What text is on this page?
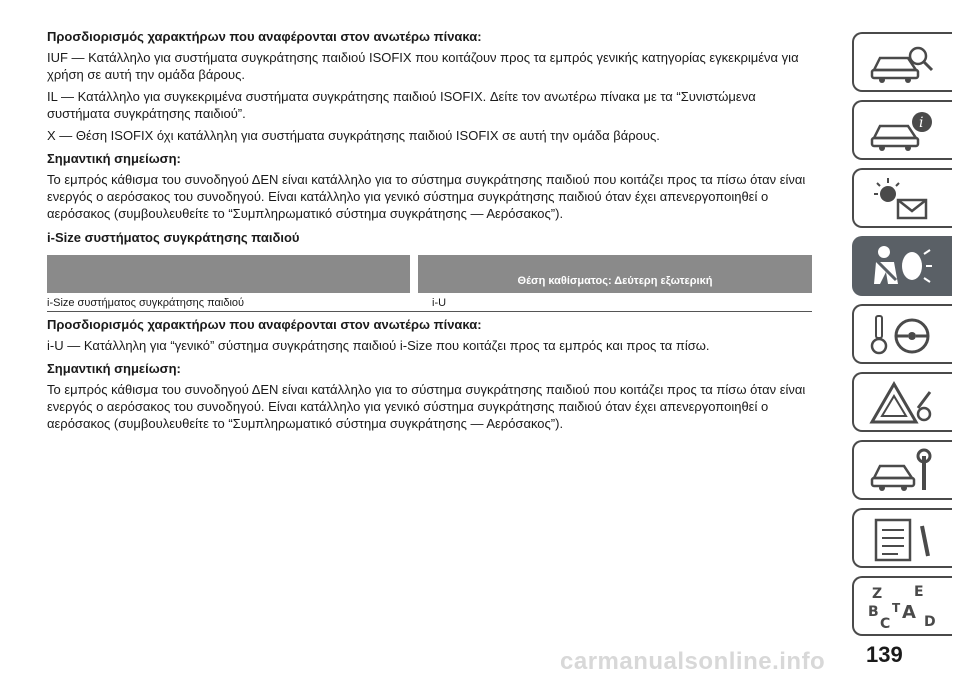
Προσδιορισμός χαρακτήρων που αναφέρονται στον ανωτέρω πίνακα:

IUF — Κατάλληλο για συστήματα συγκράτησης παιδιού ISOFIX που κοιτάζουν προς τα εμπρός γενικής κατηγορίας εγκεκριμένα για χρήση σε αυτή την ομάδα βάρους.

IL — Κατάλληλο για συγκεκριμένα συστήματα συγκράτησης παιδιού ISOFIX. Δείτε τον ανωτέρω πίνακα με τα “Συνιστώμενα συστήματα συγκράτησης παιδιού”.

X — Θέση ISOFIX όχι κατάλληλη για συστήματα συγκράτησης παιδιού ISOFIX σε αυτή την ομάδα βάρους.

Σημαντική σημείωση:

Το εμπρός κάθισμα του συνοδηγού ΔΕΝ είναι κατάλληλο για το σύστημα συγκράτησης παιδιού που κοιτάζει προς τα πίσω όταν είναι ενεργός ο αερόσακος του συνοδηγού. Είναι κατάλληλο για γενικό σύστημα συγκράτησης παιδιού όταν έχει απενεργοποιηθεί ο αερόσακος (συμβουλευθείτε το “Συμπληρωματικό σύστημα συγκράτησης — Αερόσακος”).

i-Size συστήματος συγκράτησης παιδιού

	Θέση καθίσματος: Δεύτερη εξωτερική
i-Size συστήματος συγκράτησης παιδιού	i-U

Προσδιορισμός χαρακτήρων που αναφέρονται στον ανωτέρω πίνακα:

i-U — Κατάλληλη για “γενικό” σύστημα συγκράτησης παιδιού i-Size που κοιτάζει προς τα εμπρός και προς τα πίσω.

Σημαντική σημείωση:

Το εμπρός κάθισμα του συνοδηγού ΔΕΝ είναι κατάλληλο για το σύστημα συγκράτησης παιδιού που κοιτάζει προς τα πίσω όταν είναι ενεργός ο αερόσακος του συνοδηγού. Είναι κατάλληλο για γενικό σύστημα συγκράτησης παιδιού όταν έχει απενεργοποιηθεί ο αερόσακος (συμβουλευθείτε το “Συμπληρωματικό σύστημα συγκράτησης — Αερόσακος”).

i
Z E
B A
C
T
D
carmanualsonline.info 139
